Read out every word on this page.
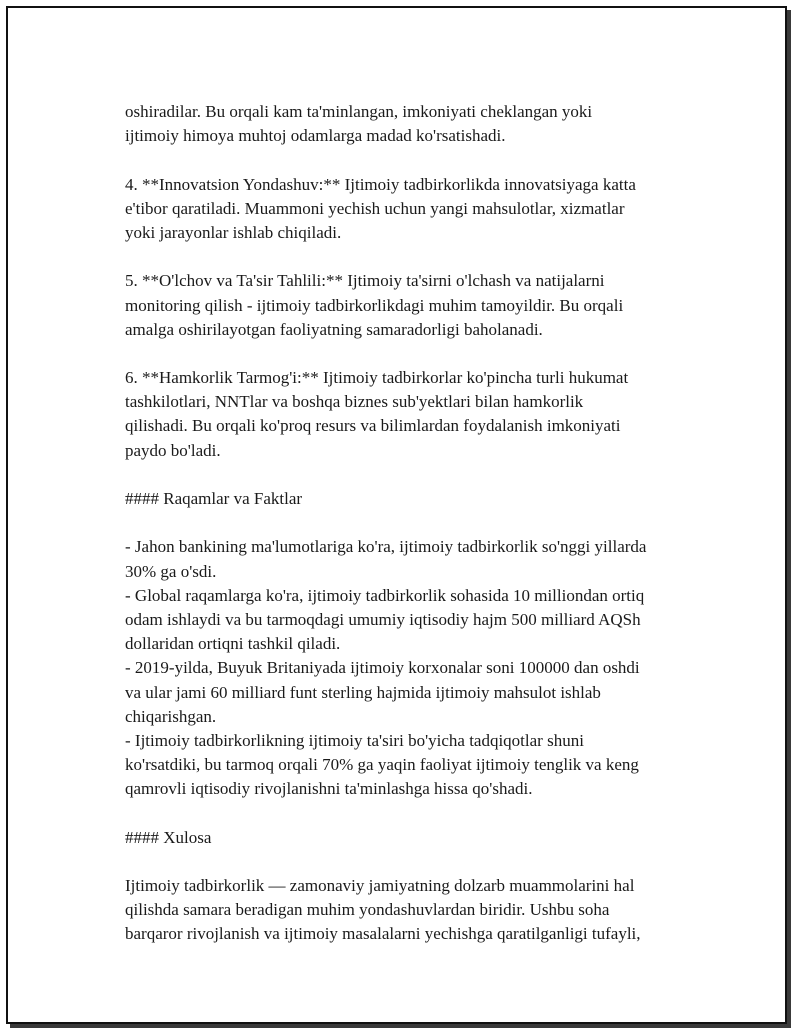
oshiradilar. Bu orqali kam ta'minlangan, imkoniyati cheklangan yoki
ijtimoiy himoya muhtoj odamlarga madad ko'rsatishadi.
4. **Innovatsion Yondashuv:** Ijtimoiy tadbirkorlikda innovatsiyaga katta
e'tibor qaratiladi. Muammoni yechish uchun yangi mahsulotlar, xizmatlar
yoki jarayonlar ishlab chiqiladi.
5. **O'lchov va Ta'sir Tahlili:** Ijtimoiy ta'sirni o'lchash va natijalarni
monitoring qilish - ijtimoiy tadbirkorlikdagi muhim tamoyildir. Bu orqali
amalga oshirilayotgan faoliyatning samaradorligi baholanadi.
6. **Hamkorlik Tarmog'i:** Ijtimoiy tadbirkorlar ko'pincha turli hukumat
tashkilotlari, NNTlar va boshqa biznes sub'yektlari bilan hamkorlik
qilishadi. Bu orqali ko'proq resurs va bilimlardan foydalanish imkoniyati
paydo bo'ladi.
#### Raqamlar va Faktlar
- Jahon bankining ma'lumotlariga ko'ra, ijtimoiy tadbirkorlik so'nggi yillarda
30% ga o'sdi.
- Global raqamlarga ko'ra, ijtimoiy tadbirkorlik sohasida 10 milliondan ortiq
odam ishlaydi va bu tarmoqdagi umumiy iqtisodiy hajm 500 milliard AQSh
dollaridan ortiqni tashkil qiladi.
- 2019-yilda, Buyuk Britaniyada ijtimoiy korxonalar soni 100000 dan oshdi
va ular jami 60 milliard funt sterling hajmida ijtimoiy mahsulot ishlab
chiqarishgan.
- Ijtimoiy tadbirkorlikning ijtimoiy ta'siri bo'yicha tadqiqotlar shuni
ko'rsatdiki, bu tarmoq orqali 70% ga yaqin faoliyat ijtimoiy tenglik va keng
qamrovli iqtisodiy rivojlanishni ta'minlashga hissa qo'shadi.
#### Xulosa
Ijtimoiy tadbirkorlik — zamonaviy jamiyatning dolzarb muammolarini hal
qilishda samara beradigan muhim yondashuvlardan biridir. Ushbu soha
barqaror rivojlanish va ijtimoiy masalalarni yechishga qaratilganligi tufayli,
